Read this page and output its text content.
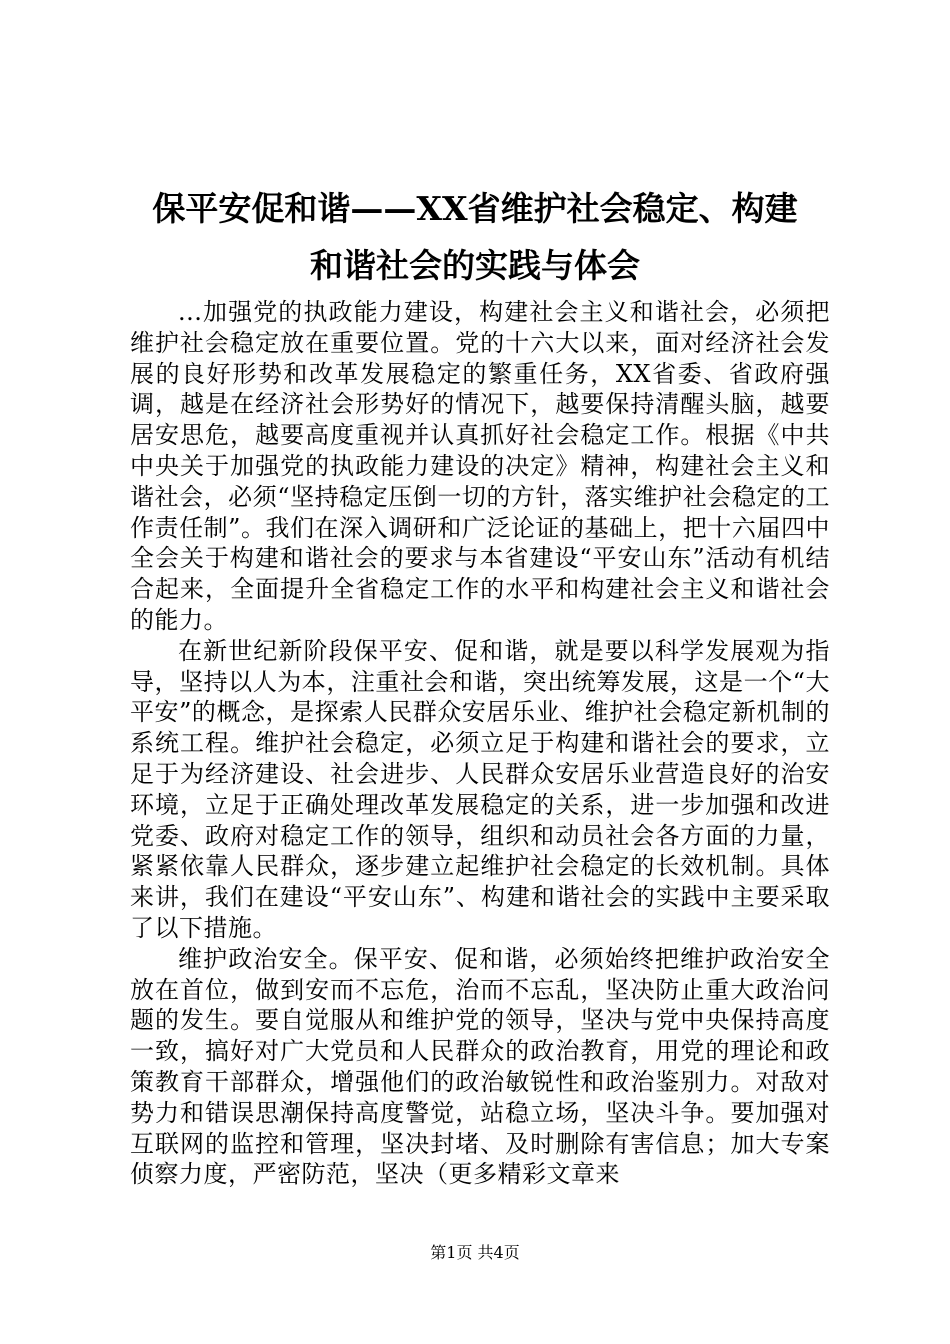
保平安促和谐——XX省维护社会稳定、构建
和谐社会的实践与体会

...加强党的执政能力建设，构建社会主义和谐社会，必须把维护社会稳定放在重要位置。党的十六大以来，面对经济社会发展的良好形势和改革发展稳定的繁重任务，XX省委、省政府强调，越是在经济社会形势好的情况下，越要保持清醒头脑，越要居安思危，越要高度重视并认真抓好社会稳定工作。根据《中共中央关于加强党的执政能力建设的决定》精神，构建社会主义和谐社会，必须“坚持稳定压倒一切的方针，落实维护社会稳定的工作责任制”。我们在深入调研和广泛论证的基础上，把十六届四中全会关于构建和谐社会的要求与本省建设“平安山东”活动有机结合起来，全面提升全省稳定工作的水平和构建社会主义和谐社会的能力。

在新世纪新阶段保平安、促和谐，就是要以科学发展观为指导，坚持以人为本，注重社会和谐，突出统筹发展，这是一个“大平安”的概念，是探索人民群众安居乐业、维护社会稳定新机制的系统工程。维护社会稳定，必须立足于构建和谐社会的要求，立足于为经济建设、社会进步、人民群众安居乐业营造良好的治安环境，立足于正确处理改革发展稳定的关系，进一步加强和改进党委、政府对稳定工作的领导，组织和动员社会各方面的力量，紧紧依靠人民群众，逐步建立起维护社会稳定的长效机制。具体来讲，我们在建设“平安山东”、构建和谐社会的实践中主要采取了以下措施。

维护政治安全。保平安、促和谐，必须始终把维护政治安全放在首位，做到安而不忘危，治而不忘乱，坚决防止重大政治问题的发生。要自觉服从和维护党的领导，坚决与党中央保持高度一致，搞好对广大党员和人民群众的政治教育，用党的理论和政策教育干部群众，增强他们的政治敏锐性和政治鉴别力。对敌对势力和错误思潮保持高度警觉，站稳立场，坚决斗争。要加强对互联网的监控和管理，坚决封堵、及时删除有害信息；加大专案侦察力度，严密防范，坚决（更多精彩文章来

第1页 共4页
